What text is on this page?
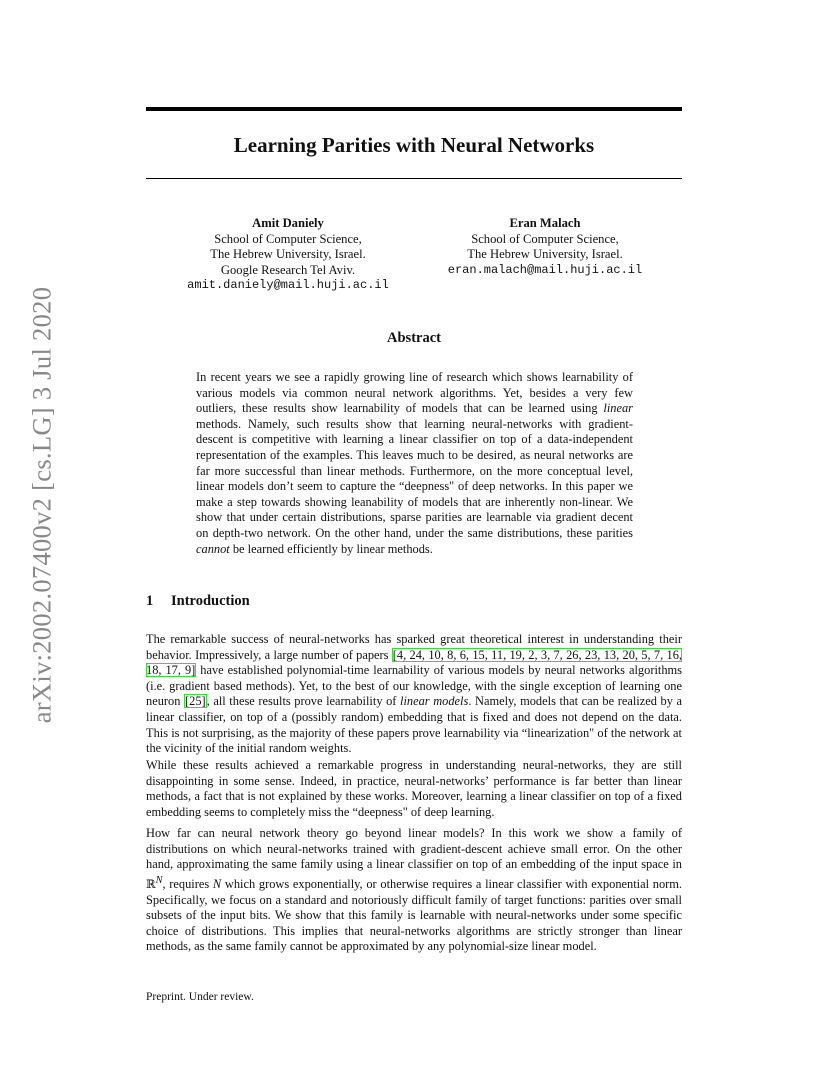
arXiv:2002.07400v2 [cs.LG] 3 Jul 2020
Learning Parities with Neural Networks
Amit Daniely
School of Computer Science,
The Hebrew University, Israel.
Google Research Tel Aviv.
amit.daniely@mail.huji.ac.il
Eran Malach
School of Computer Science,
The Hebrew University, Israel.
eran.malach@mail.huji.ac.il
Abstract

In recent years we see a rapidly growing line of research which shows learnability of various models via common neural network algorithms. Yet, besides a very few outliers, these results show learnability of models that can be learned using linear methods. Namely, such results show that learning neural-networks with gradient-descent is competitive with learning a linear classifier on top of a data-independent representation of the examples. This leaves much to be desired, as neural networks are far more successful than linear methods. Furthermore, on the more conceptual level, linear models don’t seem to capture the “deepness" of deep networks. In this paper we make a step towards showing leanability of models that are inherently non-linear. We show that under certain distributions, sparse parities are learnable via gradient decent on depth-two network. On the other hand, under the same distributions, these parities cannot be learned efficiently by linear methods.

1 Introduction

The remarkable success of neural-networks has sparked great theoretical interest in understanding their behavior. Impressively, a large number of papers [4, 24, 10, 8, 6, 15, 11, 19, 2, 3, 7, 26, 23, 13, 20, 5, 7, 16, 18, 17, 9] have established polynomial-time learnability of various models by neural networks algorithms (i.e. gradient based methods). Yet, to the best of our knowledge, with the single exception of learning one neuron [25], all these results prove learnability of linear models. Namely, models that can be realized by a linear classifier, on top of a (possibly random) embedding that is fixed and does not depend on the data. This is not surprising, as the majority of these papers prove learnability via “linearization" of the network at the vicinity of the initial random weights.

While these results achieved a remarkable progress in understanding neural-networks, they are still disappointing in some sense. Indeed, in practice, neural-networks’ performance is far better than linear methods, a fact that is not explained by these works. Moreover, learning a linear classifier on top of a fixed embedding seems to completely miss the “deepness" of deep learning.

How far can neural network theory go beyond linear models? In this work we show a family of distributions on which neural-networks trained with gradient-descent achieve small error. On the other hand, approximating the same family using a linear classifier on top of an embedding of the input space in ℝ$^N$, requires N which grows exponentially, or otherwise requires a linear classifier with exponential norm. Specifically, we focus on a standard and notoriously difficult family of target functions: parities over small subsets of the input bits. We show that this family is learnable with neural-networks under some specific choice of distributions. This implies that neural-networks algorithms are strictly stronger than linear methods, as the same family cannot be approximated by any polynomial-size linear model.

Preprint. Under review.
